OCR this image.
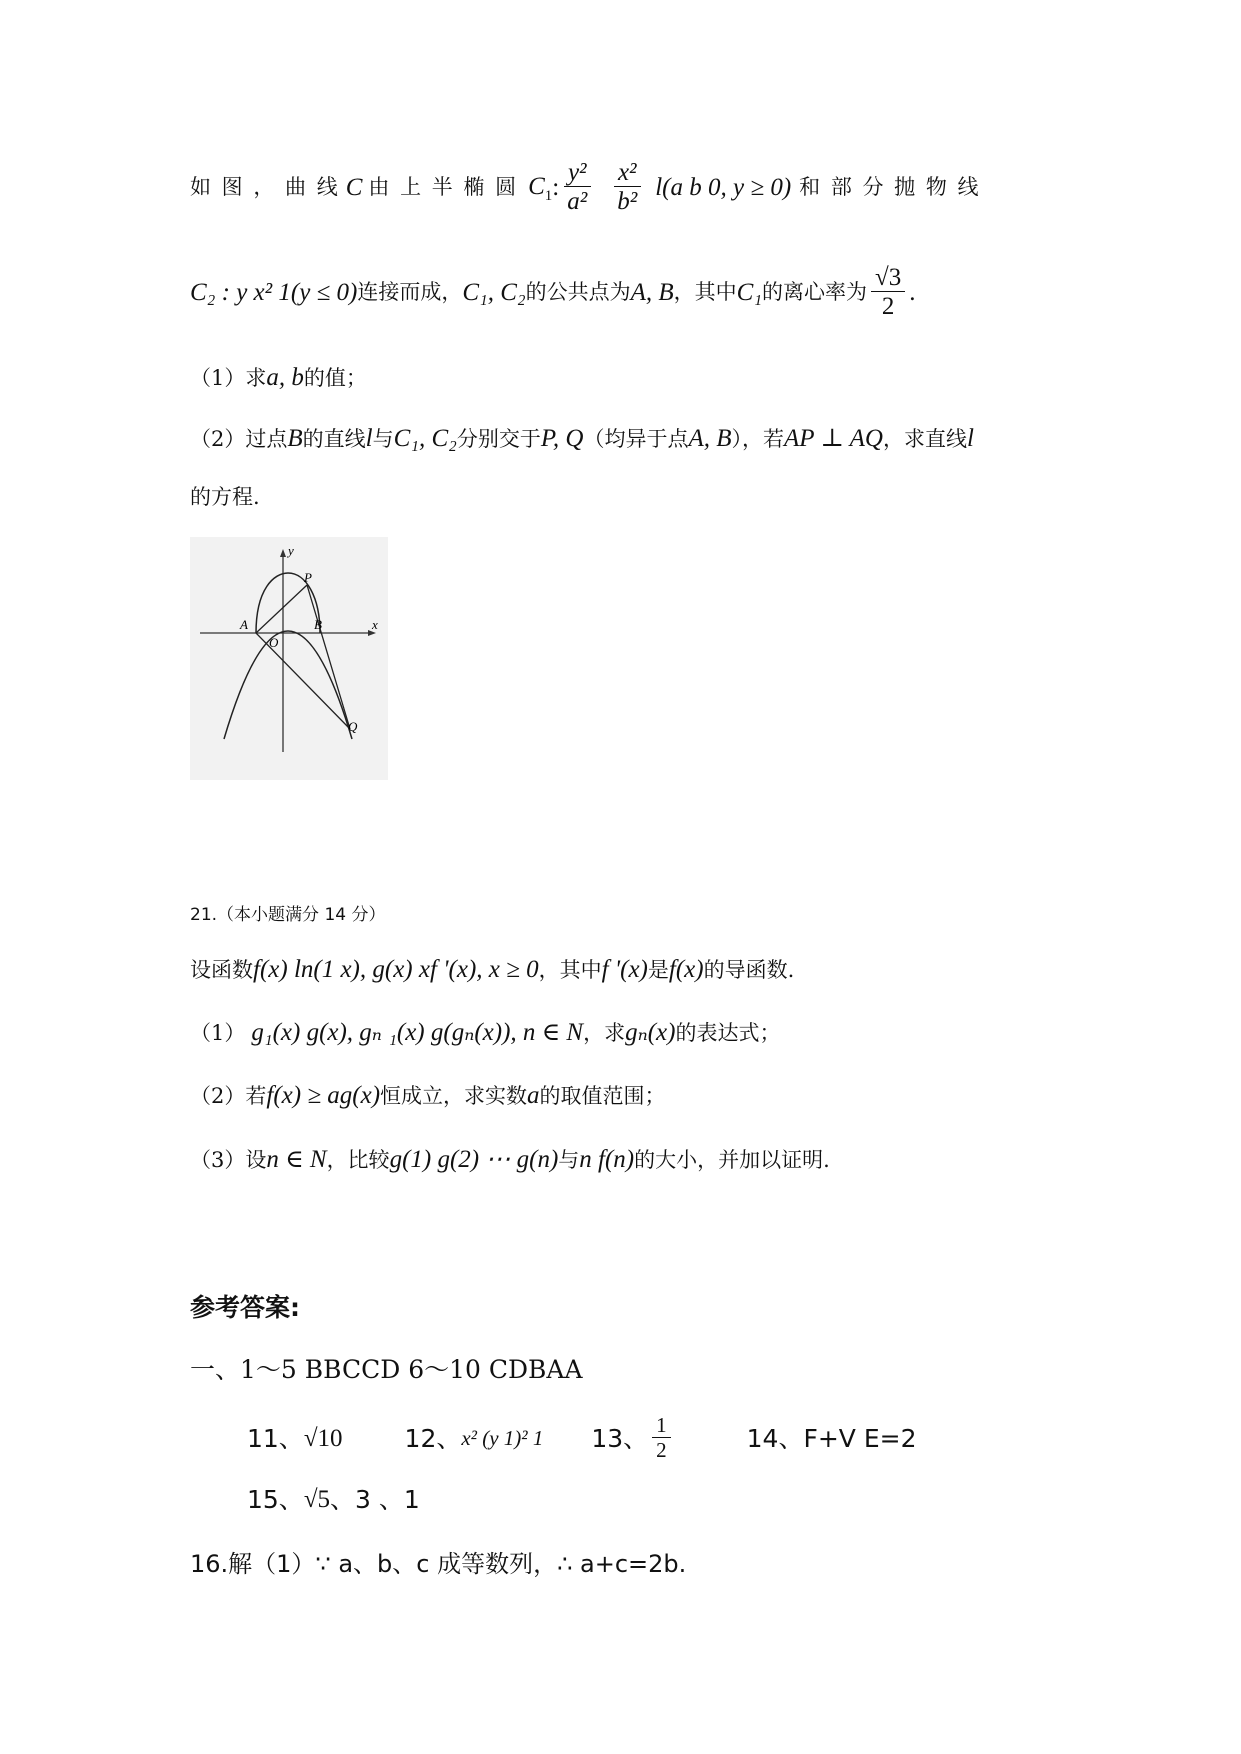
如 图 ， 曲 线 C 由 上 半 椭 圆 $C_1$ : $\frac{\text{y²}}{\text{a²}} \frac{\text{x²}}{\text{b²}} l(a$ b 0, y ≥ 0) 和 部 分 抛 物 线
C₂ : y x² 1(y ≤ 0) 连接而成， C₁, C₂ 的公共点为 A, B ，其中 C₁ 的离心率为 $\frac{√3}{2}$ .
（1）求a, b的值；
（2）过点B的直线l与C₁, C₂分别交于P, Q（均异于点A, B），若AP ⊥ AQ，求直线l
的方程.
y
x
P
A	B
O
Q
21.（本小题满分 14 分）
设函数f(x) ln(1 x), g(x) xf '(x), x ≥ 0，其中f '(x)是f(x)的导函数.
（1） g₁(x) g(x), gₙ ₁(x) g(gₙ(x)), n ∈ N，求gₙ(x)的表达式；
（2）若f(x) ≥ ag(x)恒成立，求实数a的取值范围；
（3）设n ∈ N，比较g(1) g(2) ⋯ g(n)与n f(n)的大小，并加以证明.
参考答案:
一、1～5 BBCCD 6～10 CDBAA
11、 √10 12、 x² (y 1)² 1 13、 $\frac{1}{2}$	14、F+V E=2
15、 √5 、3 、1
16.解（1）∵ a、b、c 成等数列，∴ a+c=2b.
